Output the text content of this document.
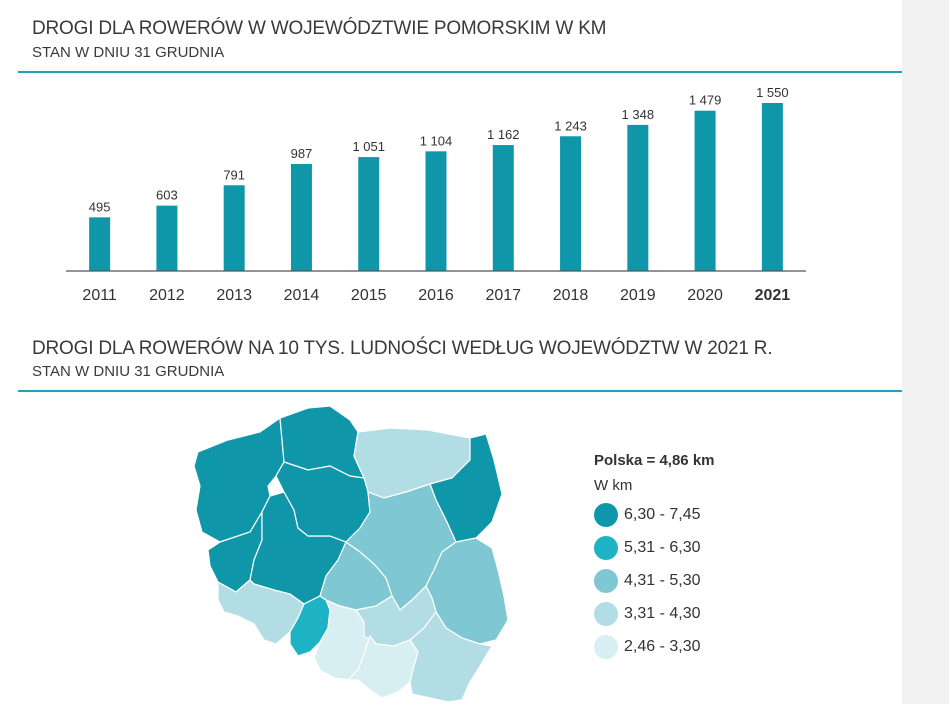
DROGI DLA ROWERÓW W WOJEWÓDZTWIE POMORSKIM W KM
STAN W DNIU 31 GRUDNIA
495
2011
603
2012
791
2013
987
2014
1 051
2015
1 104
2016
1 162
2017
1 243
2018
1 348
2019
1 479
2020
1 550
2021
DROGI DLA ROWERÓW NA 10 TYS. LUDNOŚCI WEDŁUG WOJEWÓDZTW W 2021 R.
STAN W DNIU 31 GRUDNIA
Polska = 4,86 km
W km
6,30 - 7,45
5,31 - 6,30
4,31 - 5,30
3,31 - 4,30
2,46 - 3,30
